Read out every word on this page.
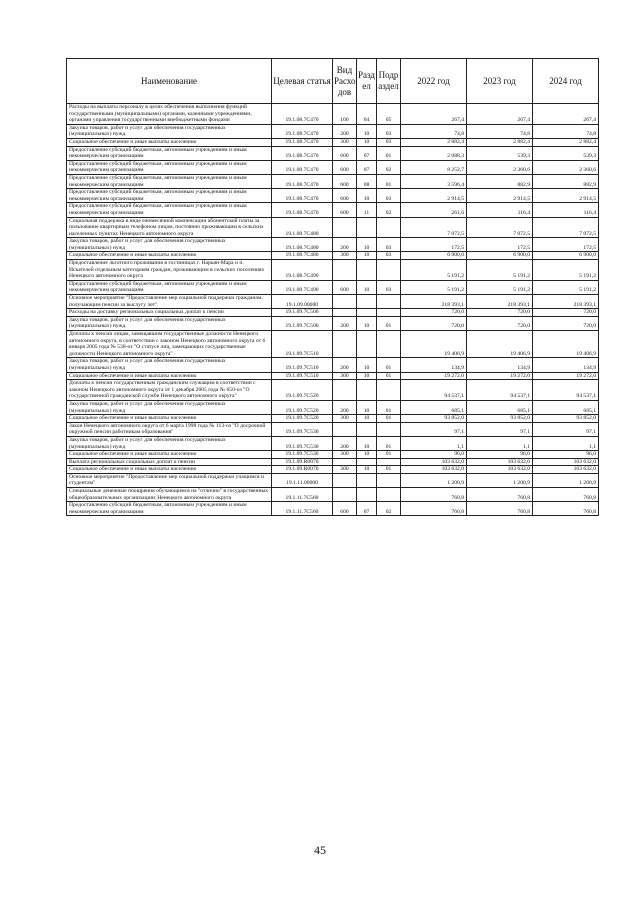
Наименование	Целевая статья	Вид Расхо дов	Разд ел	Подр аздел	2022 год	2023 год	2024 год
Расходы на выплаты персоналу в целях обеспечения выполнения функций государственными (муниципальными) органами, казенными учреждениями, органами управления государственными внебюджетными фондами	19.1.08.7С470	100	04	05	267,4	267,4	267,4
Закупка товаров, работ и услуг для обеспечения государственных (муниципальных) нужд	19.1.08.7С470	200	10	03	74,8	74,8	74,8
Социальное обеспечение и иные выплаты населению	19.1.08.7С470	300	10	03	2 882,4	2 882,4	2 882,4
Предоставление субсидий бюджетным, автономным учреждениям и иным некоммерческим организациям	19.1.08.7С470	600	07	01	2 088,3	539,3	539,3
Предоставление субсидий бюджетным, автономным учреждениям и иным некоммерческим организациям	19.1.08.7С470	600	07	02	8 252,7	2 360,6	2 360,6
Предоставление субсидий бюджетным, автономным учреждениям и иным некоммерческим организациям	19.1.08.7С470	600	08	01	3 596,4	882,9	882,9
Предоставление субсидий бюджетным, автономным учреждениям и иным некоммерческим организациям	19.1.08.7С470	600	10	03	2 914,5	2 914,5	2 914,5
Предоставление субсидий бюджетным, автономным учреждениям и иным некоммерческим организациям	19.1.08.7С470	600	11	02	261,6	116,4	116,4
Социальная поддержка в виде ежемесячной компенсации абонентской платы за пользование квартирным телефоном лицам, постоянно проживающим в сельских населенных пунктах Ненецкого автономного округа	19.1.08.7С480				7 072,5	7 072,5	7 072,5
Закупка товаров, работ и услуг для обеспечения государственных (муниципальных) нужд	19.1.08.7С480	200	10	03	172,5	172,5	172,5
Социальное обеспечение и иные выплаты населению	19.1.08.7С480	300	10	03	6 900,0	6 900,0	6 900,0
Предоставление льготного проживания в гостиницах г. Нарьян-Мара и п. Искателей отдельным категориям граждан, проживающим в сельских поселениях Ненецкого автономного округа	19.1.08.7С490				5 191,2	5 191,2	5 191,2
Предоставление субсидий бюджетным, автономным учреждениям и иным некоммерческим организациям	19.1.08.7С490	600	10	03	5 191,2	5 191,2	5 191,2
Основное мероприятие "Предоставление мер социальной поддержки гражданам, получающим пенсии за выслугу лет"	19.1.09.00000				218 393,1	218 393,1	218 393,1
Расходы на доставку региональных социальных доплат к пенсии	19.1.09.7С500				720,0	720,0	720,0
Закупка товаров, работ и услуг для обеспечения государственных (муниципальных) нужд	19.1.09.7С500	200	10	01	720,0	720,0	720,0
Доплаты к пенсии лицам, замещавшим государственные должности Ненецкого автономного округа, в соответствии с законом Ненецкого автономного округа от 6 января 2005 года № 538-оз "О статусе лиц, замещающих государственные должности Ненецкого автономного округа"	19.1.09.7С510				19 406,9	19 406,9	19 406,9
Закупка товаров, работ и услуг для обеспечения государственных (муниципальных) нужд	19.1.09.7С510	200	10	01	134,9	134,9	134,9
Социальное обеспечение и иные выплаты населению	19.1.09.7С510	300	10	01	19 272,0	19 272,0	19 272,0
Доплаты к пенсии государственным гражданским служащим в соответствии с законом Ненецкого автономного округа от 1 декабря 2005 года № 650-оз "О государственной гражданской службе Ненецкого автономного округа"	19.1.09.7С520				94 537,1	94 537,1	94 537,1
Закупка товаров, работ и услуг для обеспечения государственных (муниципальных) нужд	19.1.09.7С520	200	10	01	685,1	685,1	685,1
Социальное обеспечение и иные выплаты населению	19.1.09.7С520	300	10	01	93 852,0	93 852,0	93 852,0
Закон Ненецкого автономного округа от 6 марта 1998 года № 113-оз "О досрочной окружной пенсии работникам образования"	19.1.09.7С530				97,1	97,1	97,1
Закупка товаров, работ и услуг для обеспечения государственных (муниципальных) нужд	19.1.09.7С530	200	10	01	1,1	1,1	1,1
Социальное обеспечение и иные выплаты населению	19.1.09.7С530	300	10	01	96,0	96,0	96,0
Выплата региональных социальных доплат к пенсии	19.1.09.R0070				103 632,0	103 632,0	103 632,0
Социальное обеспечение и иные выплаты населению	19.1.09.R0070	300	10	01	103 632,0	103 632,0	103 632,0
Основное мероприятие "Предоставление мер социальной поддержки учащимся и студентам"	19.1.11.00000				1 200,9	1 200,9	1 200,9
Специальные денежные поощрения обучающимся на "отлично" в государственных общеобразовательных организациях Ненецкого автономного округа	19.1.11.7С560				760,8	760,8	760,8
Предоставление субсидий бюджетным, автономным учреждениям и иным некоммерческим организациям	19.1.11.7С560	600	07	02	760,8	760,8	760,8
45
